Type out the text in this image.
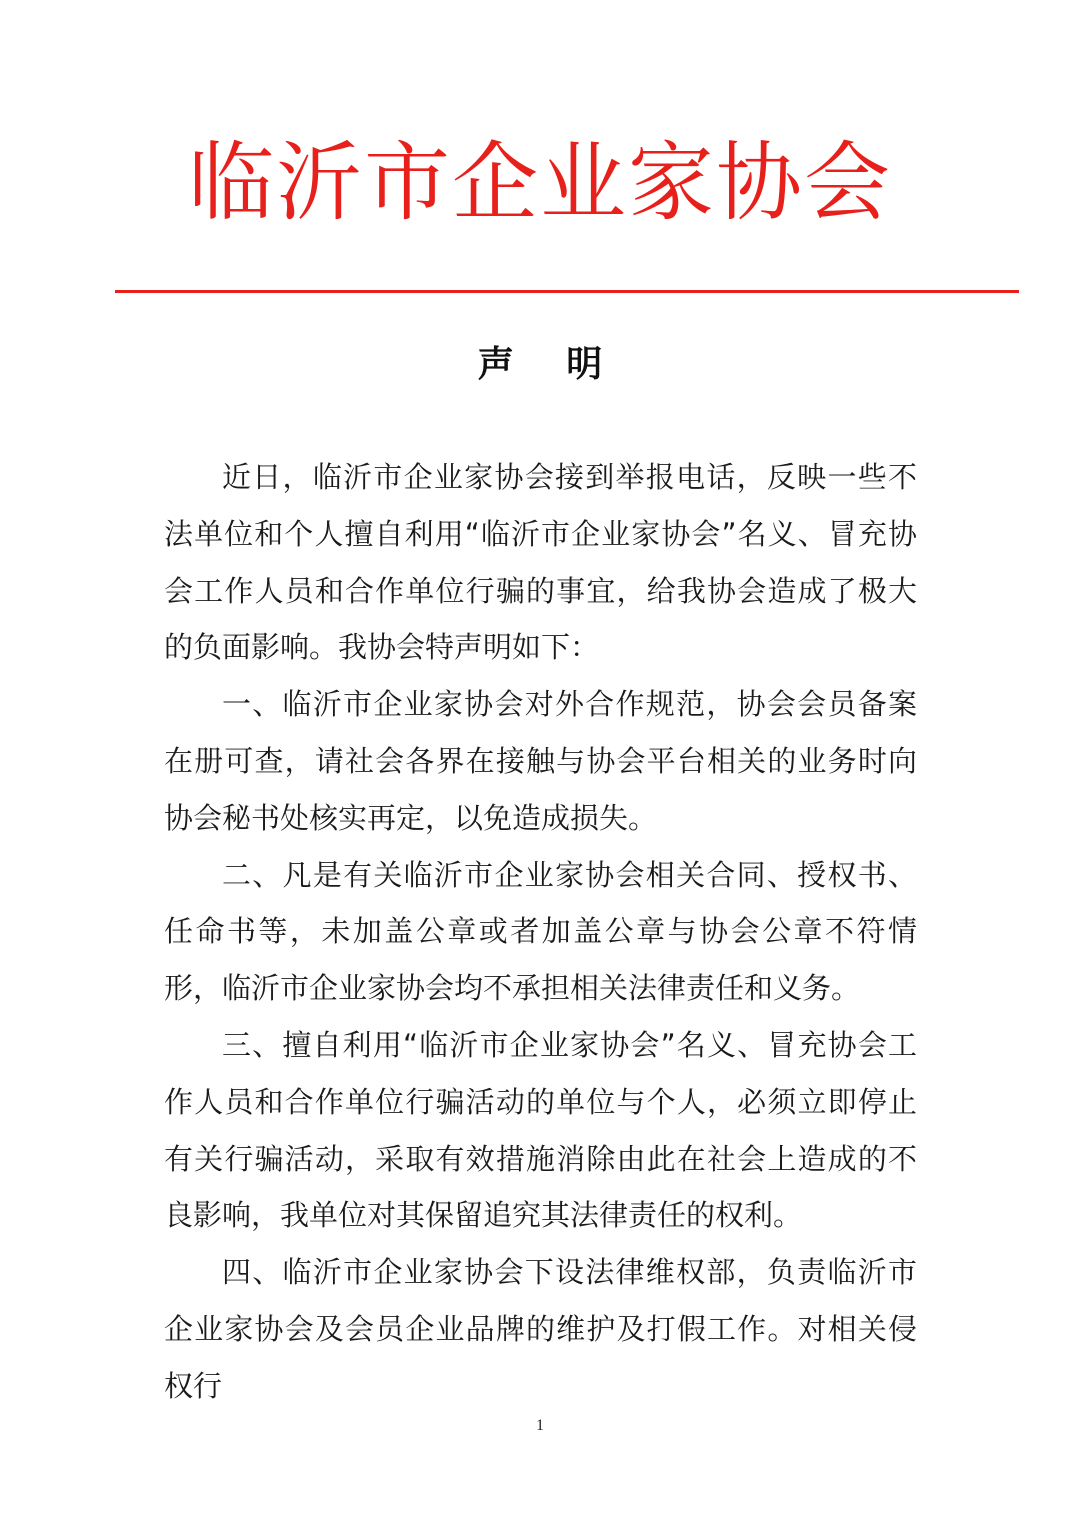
临沂市企业家协会
声 明

近日，临沂市企业家协会接到举报电话，反映一些不法单位和个人擅自利用“临沂市企业家协会”名义、冒充协会工作人员和合作单位行骗的事宜，给我协会造成了极大的负面影响。我协会特声明如下：

一、临沂市企业家协会对外合作规范，协会会员备案在册可查，请社会各界在接触与协会平台相关的业务时向协会秘书处核实再定，以免造成损失。

二、凡是有关临沂市企业家协会相关合同、授权书、任命书等，未加盖公章或者加盖公章与协会公章不符情形，临沂市企业家协会均不承担相关法律责任和义务。

三、擅自利用“临沂市企业家协会”名义、冒充协会工作人员和合作单位行骗活动的单位与个人，必须立即停止有关行骗活动，采取有效措施消除由此在社会上造成的不良影响，我单位对其保留追究其法律责任的权利。

四、临沂市企业家协会下设法律维权部，负责临沂市企业家协会及会员企业品牌的维护及打假工作。对相关侵权行

1
